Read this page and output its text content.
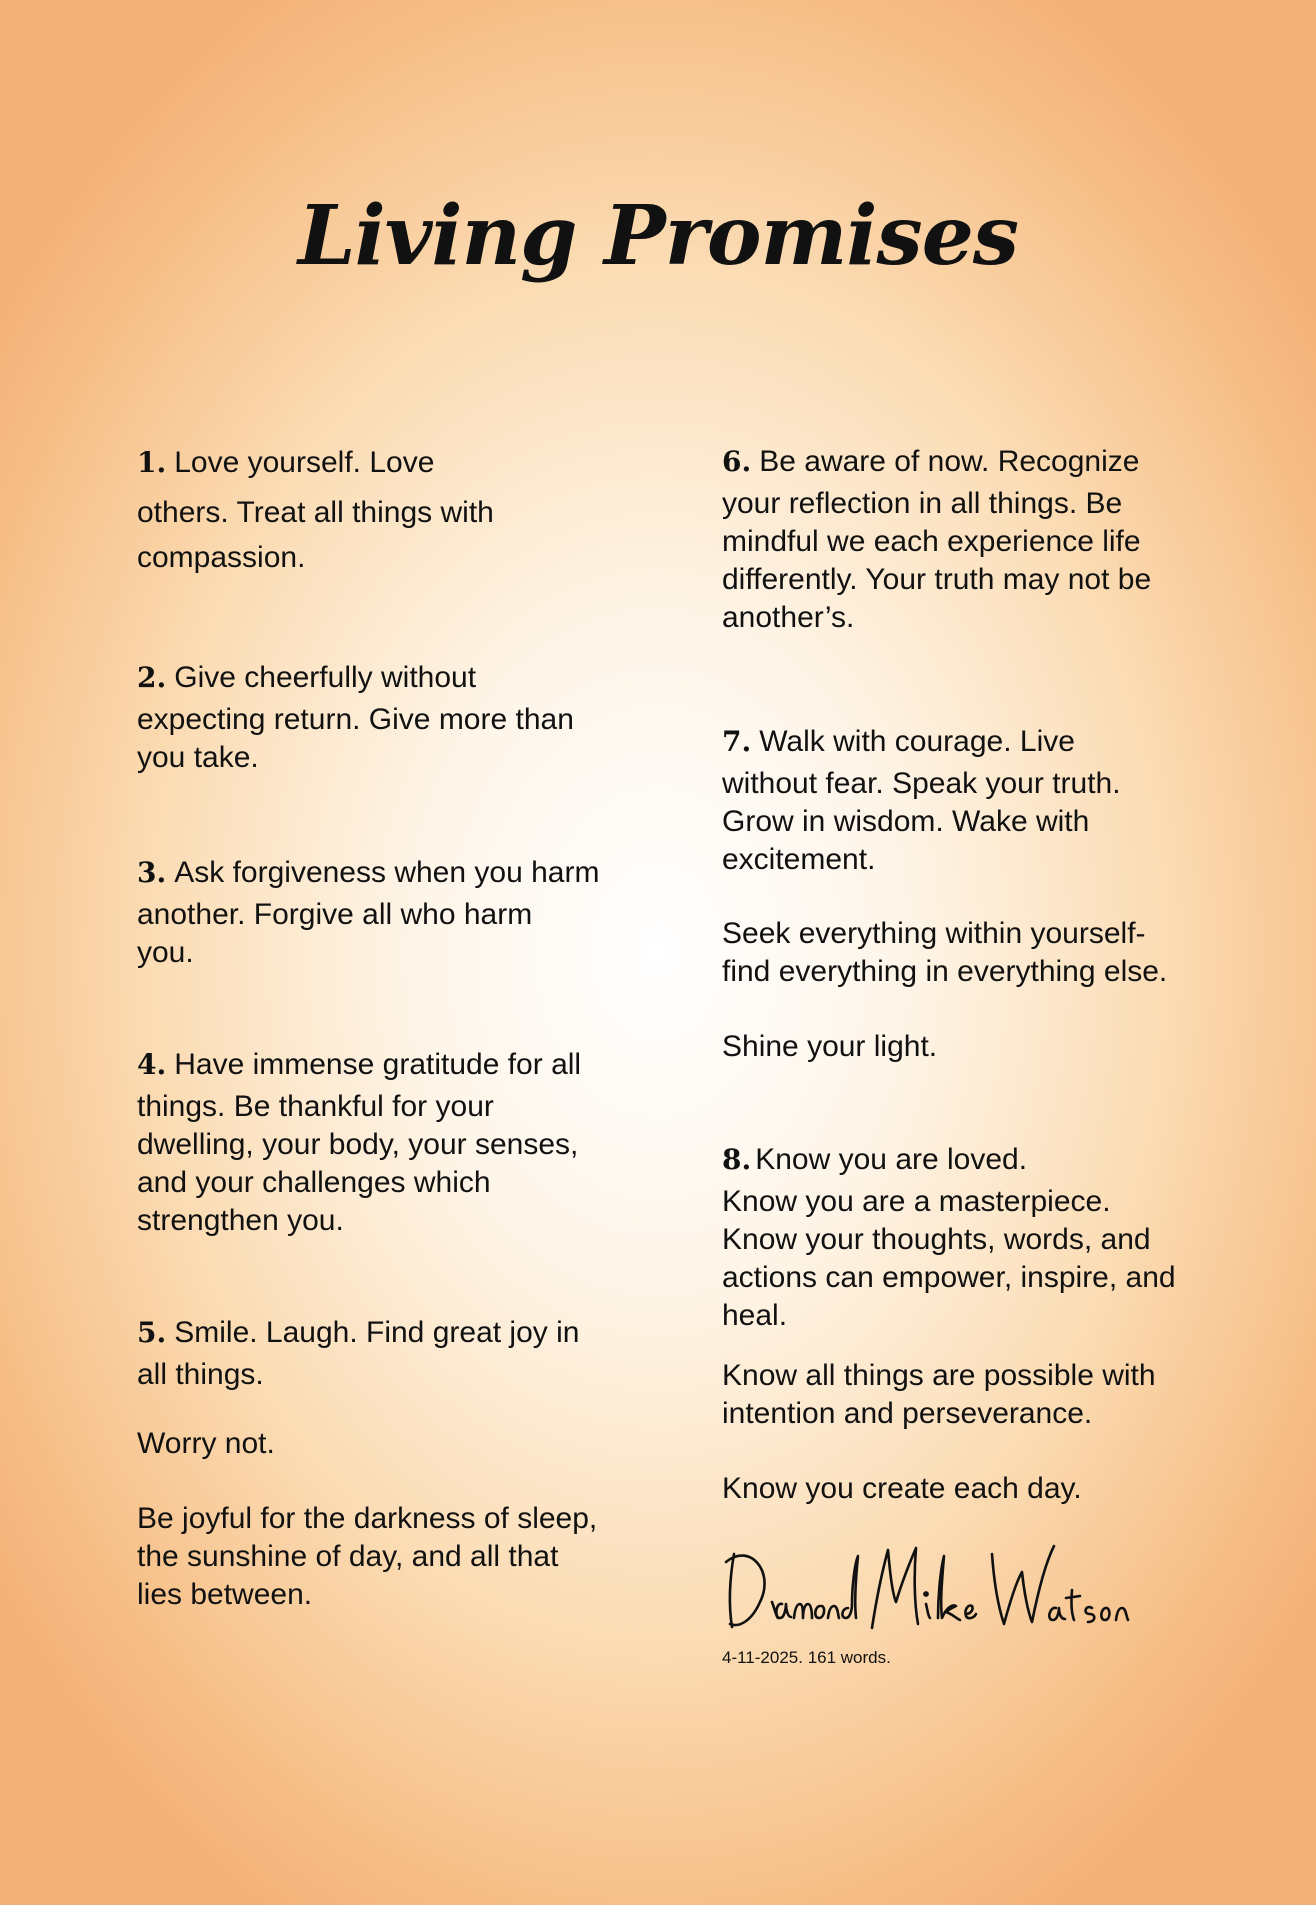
Living Promises

1. Love yourself. Love

others. Treat all things with

compassion.

2. Give cheerfully without

expecting return. Give more than

you take.

3. Ask forgiveness when you harm

another. Forgive all who harm

you.

4. Have immense gratitude for all

things. Be thankful for your

dwelling, your body, your senses,

and your challenges which

strengthen you.

5. Smile. Laugh. Find great joy in

all things.

Worry not.

Be joyful for the darkness of sleep,

the sunshine of day, and all that

lies between.

6. Be aware of now. Recognize

your reflection in all things. Be

mindful we each experience life

differently. Your truth may not be

another’s.

7. Walk with courage. Live

without fear. Speak your truth.

Grow in wisdom. Wake with

excitement.

Seek everything within yourself-

find everything in everything else.

Shine your light.

8. Know you are loved.

Know you are a masterpiece.

Know your thoughts, words, and

actions can empower, inspire, and

heal.

Know all things are possible with

intention and perseverance.

Know you create each day.

4-11-2025. 161 words.
